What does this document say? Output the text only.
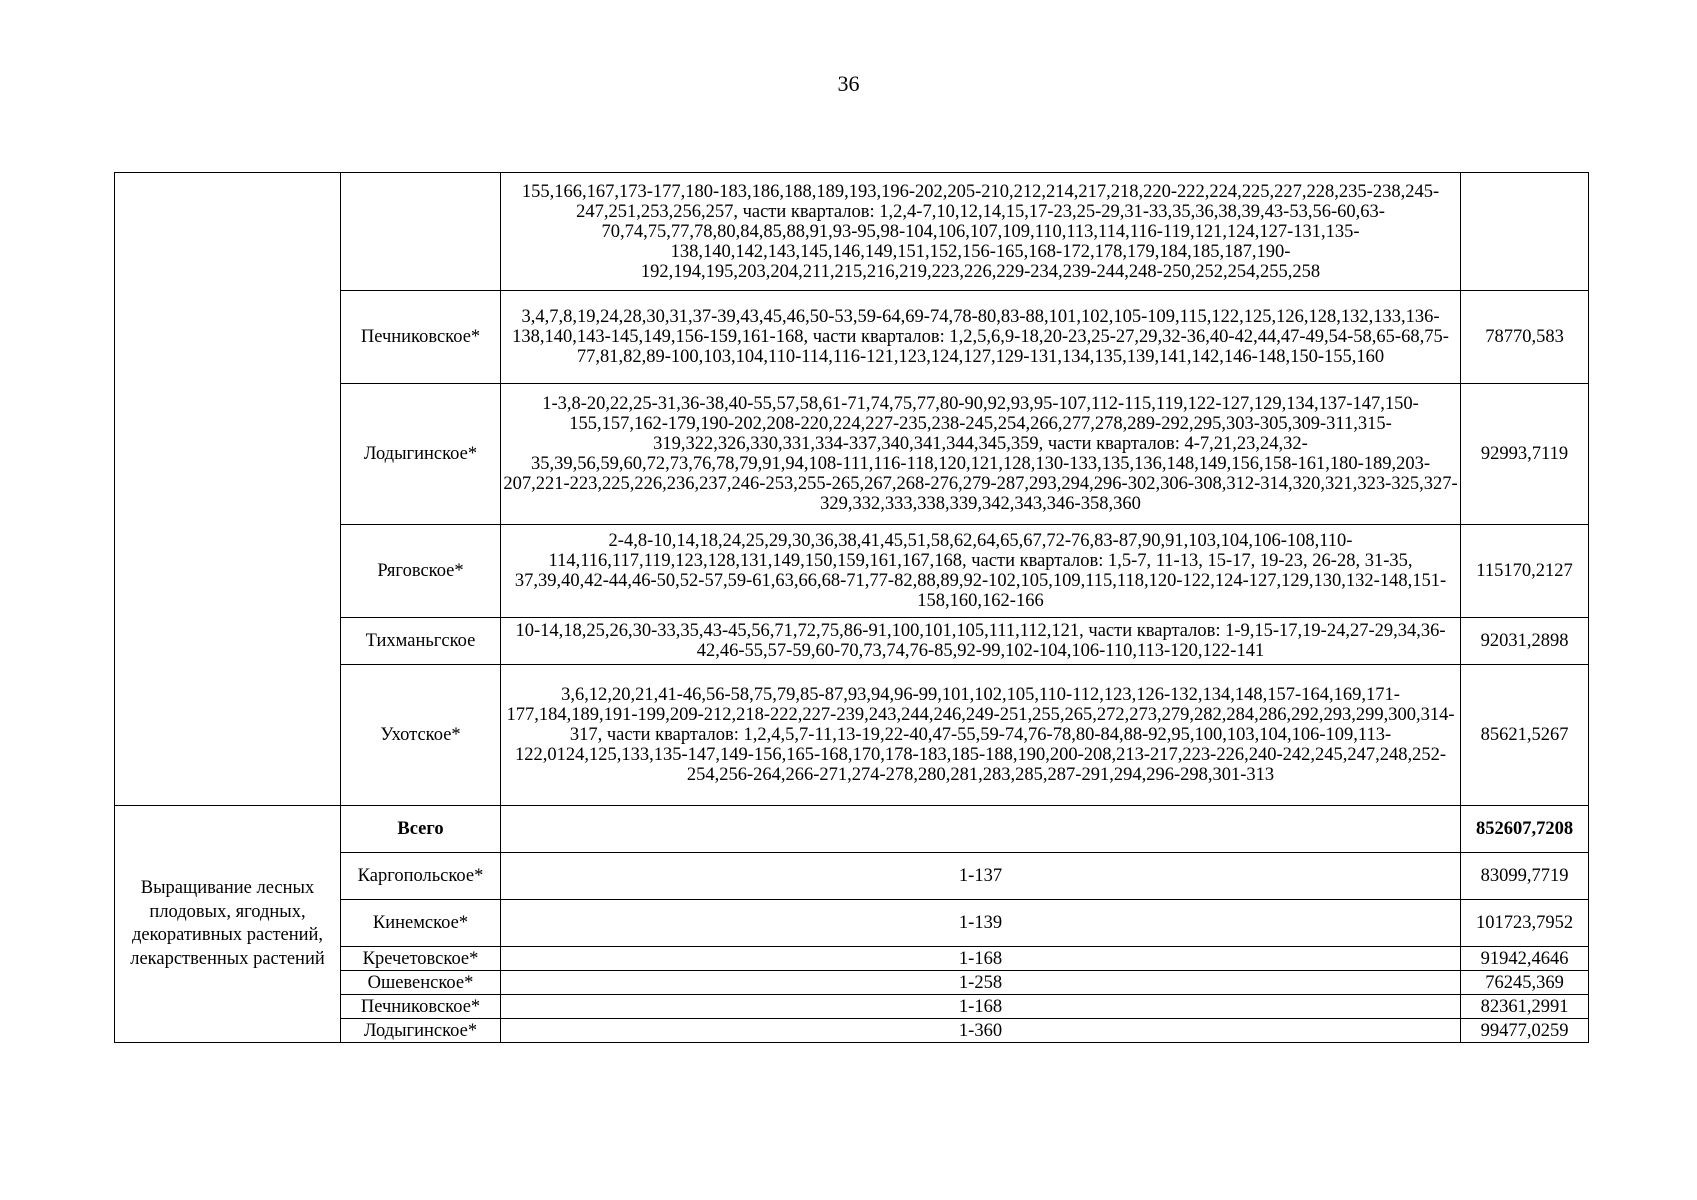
36
		155,166,167,173-177,180-183,186,188,189,193,196-202,205-210,212,214,217,218,220-222,224,225,227,228,235-238,245-247,251,253,256,257, части кварталов: 1,2,4-7,10,12,14,15,17-23,25-29,31-33,35,36,38,39,43-53,56-60,63-70,74,75,77,78,80,84,85,88,91,93-95,98-104,106,107,109,110,113,114,116-119,121,124,127-131,135-138,140,142,143,145,146,149,151,152,156-165,168-172,178,179,184,185,187,190-192,194,195,203,204,211,215,216,219,223,226,229-234,239-244,248-250,252,254,255,258	
	Печниковское*	3,4,7,8,19,24,28,30,31,37-39,43,45,46,50-53,59-64,69-74,78-80,83-88,101,102,105-109,115,122,125,126,128,132,133,136-138,140,143-145,149,156-159,161-168, части кварталов: 1,2,5,6,9-18,20-23,25-27,29,32-36,40-42,44,47-49,54-58,65-68,75-77,81,82,89-100,103,104,110-114,116-121,123,124,127,129-131,134,135,139,141,142,146-148,150-155,160	78770,583
	Лодыгинское*	1-3,8-20,22,25-31,36-38,40-55,57,58,61-71,74,75,77,80-90,92,93,95-107,112-115,119,122-127,129,134,137-147,150-155,157,162-179,190-202,208-220,224,227-235,238-245,254,266,277,278,289-292,295,303-305,309-311,315-319,322,326,330,331,334-337,340,341,344,345,359, части кварталов: 4-7,21,23,24,32-35,39,56,59,60,72,73,76,78,79,91,94,108-111,116-118,120,121,128,130-133,135,136,148,149,156,158-161,180-189,203-207,221-223,225,226,236,237,246-253,255-265,267,268-276,279-287,293,294,296-302,306-308,312-314,320,321,323-325,327-329,332,333,338,339,342,343,346-358,360	92993,7119
	Ряговское*	2-4,8-10,14,18,24,25,29,30,36,38,41,45,51,58,62,64,65,67,72-76,83-87,90,91,103,104,106-108,110-114,116,117,119,123,128,131,149,150,159,161,167,168, части кварталов: 1,5-7, 11-13, 15-17, 19-23, 26-28, 31-35, 37,39,40,42-44,46-50,52-57,59-61,63,66,68-71,77-82,88,89,92-102,105,109,115,118,120-122,124-127,129,130,132-148,151-158,160,162-166	115170,2127
	Тихманьгское	10-14,18,25,26,30-33,35,43-45,56,71,72,75,86-91,100,101,105,111,112,121, части кварталов: 1-9,15-17,19-24,27-29,34,36-42,46-55,57-59,60-70,73,74,76-85,92-99,102-104,106-110,113-120,122-141	92031,2898
	Ухотское*	3,6,12,20,21,41-46,56-58,75,79,85-87,93,94,96-99,101,102,105,110-112,123,126-132,134,148,157-164,169,171-177,184,189,191-199,209-212,218-222,227-239,243,244,246,249-251,255,265,272,273,279,282,284,286,292,293,299,300,314-317, части кварталов: 1,2,4,5,7-11,13-19,22-40,47-55,59-74,76-78,80-84,88-92,95,100,103,104,106-109,113-122,0124,125,133,135-147,149-156,165-168,170,178-183,185-188,190,200-208,213-217,223-226,240-242,245,247,248,252-254,256-264,266-271,274-278,280,281,283,285,287-291,294,296-298,301-313	85621,5267
Выращивание лесных плодовых, ягодных, декоративных растений, лекарственных растений	Всего		852607,7208
	Каргопольское*	1-137	83099,7719
	Кинемское*	1-139	101723,7952
	Кречетовское*	1-168	91942,4646
	Ошевенское*	1-258	76245,369
	Печниковское*	1-168	82361,2991
	Лодыгинское*	1-360	99477,0259
